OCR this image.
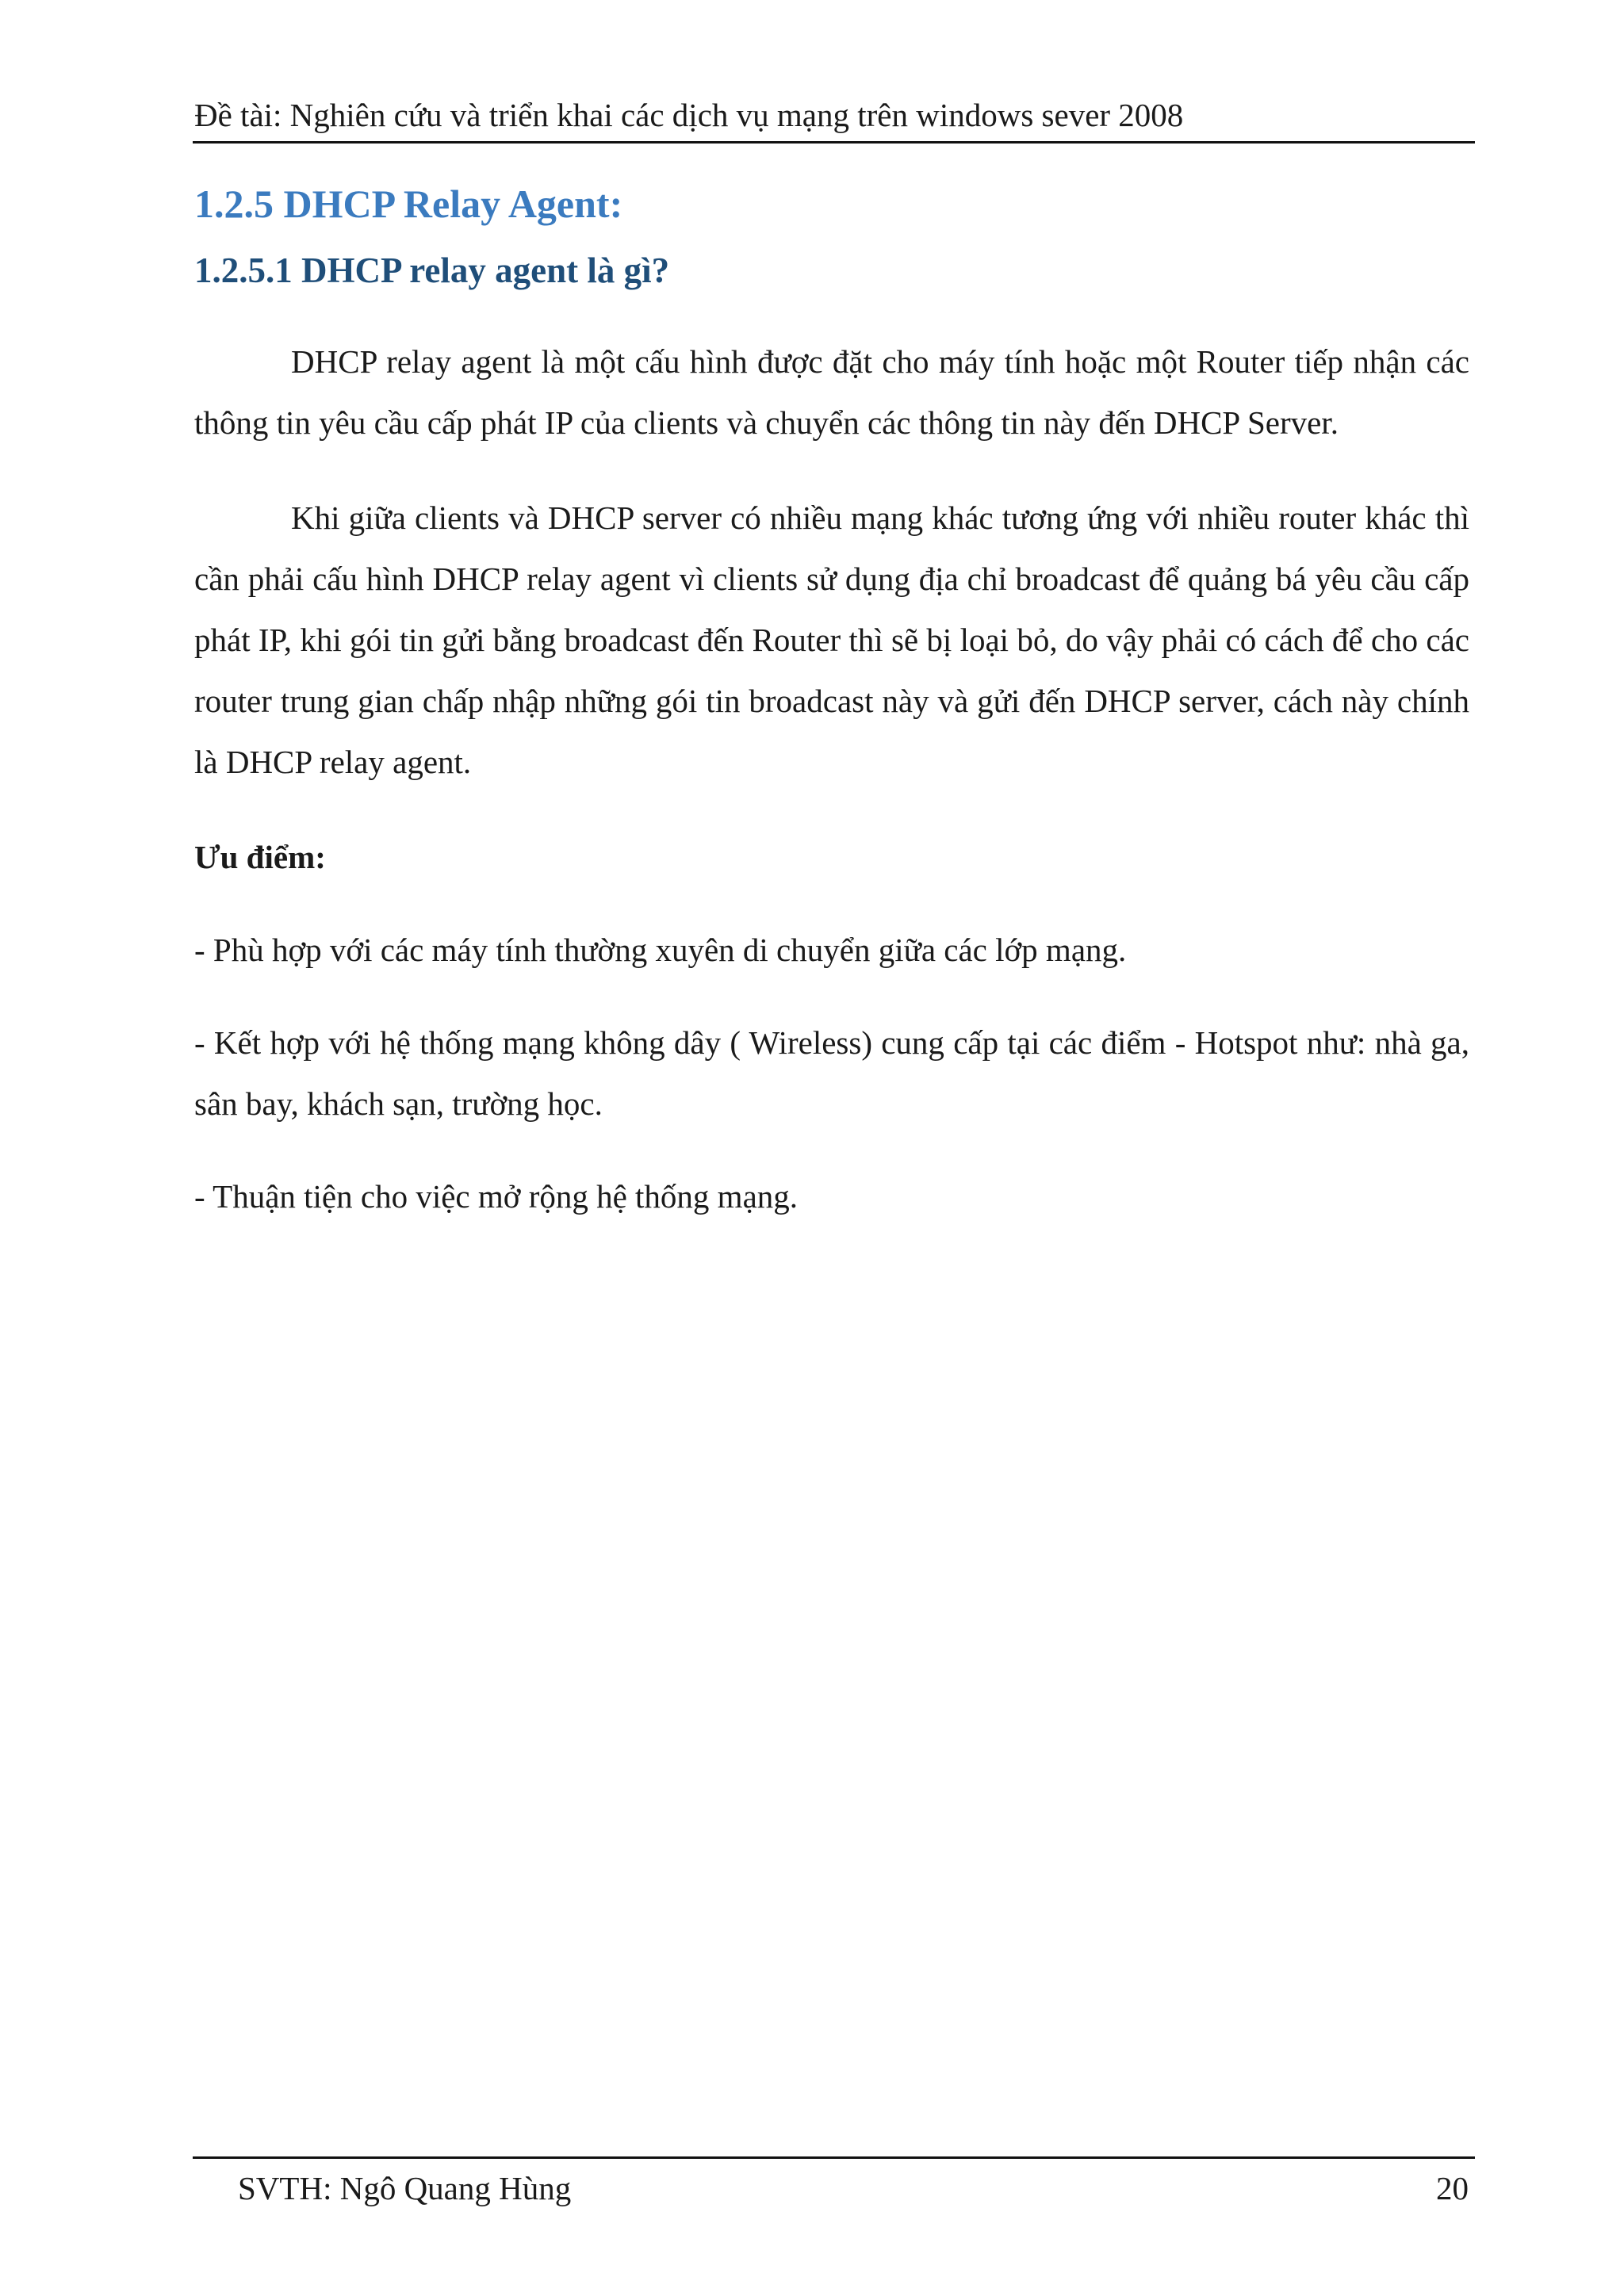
Đề tài: Nghiên cứu và triển khai các dịch vụ mạng trên windows sever 2008
1.2.5 DHCP Relay Agent:
1.2.5.1 DHCP relay agent là gì?

DHCP relay agent là một cấu hình được đặt cho máy tính hoặc một Router tiếp nhận các thông tin yêu cầu cấp phát IP của clients và chuyển các thông tin này đến DHCP Server.

Khi giữa clients và DHCP server có nhiều mạng khác tương ứng với nhiều router khác thì cần phải cấu hình DHCP relay agent vì clients sử dụng địa chỉ broadcast để quảng bá yêu cầu cấp phát IP, khi gói tin gửi bằng broadcast đến Router thì sẽ bị loại bỏ, do vậy phải có cách để cho các router trung gian chấp nhập những gói tin broadcast này và gửi đến DHCP server, cách này chính là DHCP relay agent.

Ưu điểm:
- Phù hợp với các máy tính thường xuyên di chuyển giữa các lớp mạng.
- Kết hợp với hệ thống mạng không dây ( Wireless) cung cấp tại các điểm - Hotspot như: nhà ga, sân bay, khách sạn, trường học.
- Thuận tiện cho việc mở rộng hệ thống mạng.
SVTH: Ngô Quang Hùng	20
